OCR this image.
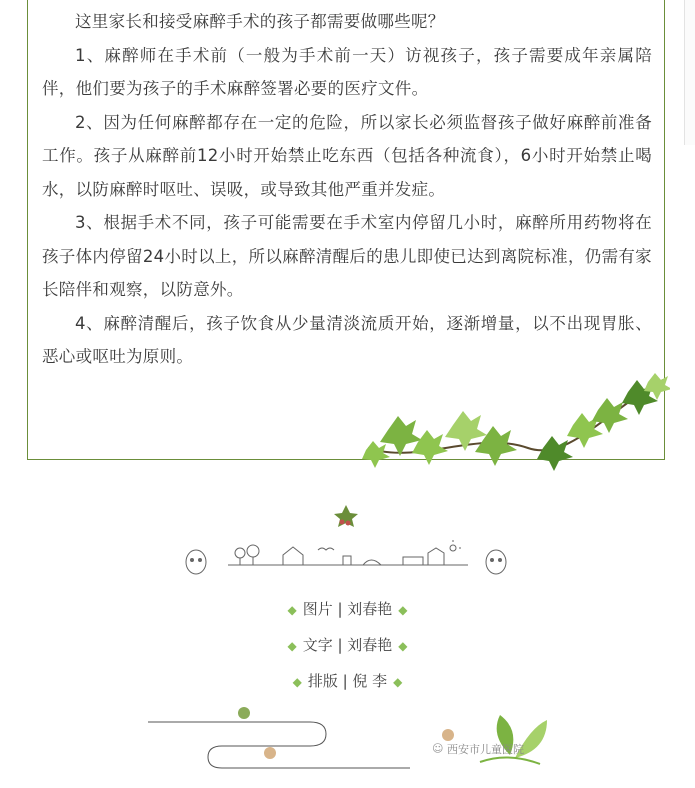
这里家长和接受麻醉手术的孩子都需要做哪些呢？

1、麻醉师在手术前（一般为手术前一天）访视孩子，孩子需要成年亲属陪伴，他们要为孩子的手术麻醉签署必要的医疗文件。

2、因为任何麻醉都存在一定的危险，所以家长必须监督孩子做好麻醉前准备工作。孩子从麻醉前12小时开始禁止吃东西（包括各种流食），6小时开始禁止喝水，以防麻醉时呕吐、误吸，或导致其他严重并发症。

3、根据手术不同，孩子可能需要在手术室内停留几小时，麻醉所用药物将在孩子体内停留24小时以上，所以麻醉清醒后的患儿即使已达到离院标准，仍需有家长陪伴和观察，以防意外。

4、麻醉清醒后，孩子饮食从少量清淡流质开始，逐渐增量，以不出现胃胀、恶心或呕吐为原则。

◆ 图片 | 刘春艳 ◆
◆ 文字 | 刘春艳 ◆
◆ 排版 | 倪 李 ◆
☺ 西安市儿童医院
